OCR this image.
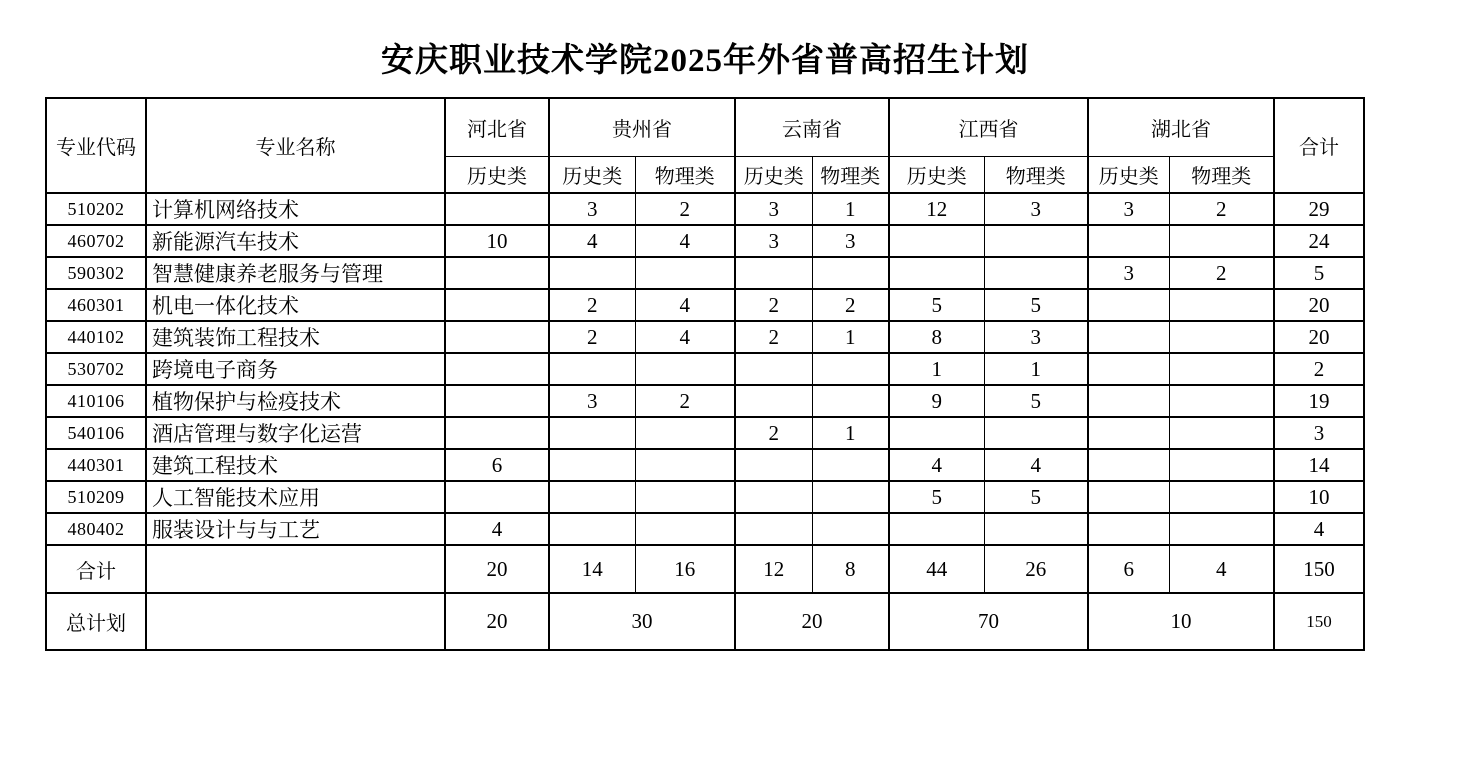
安庆职业技术学院2025年外省普高招生计划
专业代码	专业名称	河北省	贵州省		云南省		江西省		湖北省		合计
		历史类	历史类	物理类	历史类	物理类	历史类	物理类	历史类	物理类	
510202	计算机网络技术		3	2	3	1	12	3	3	2	29
460702	新能源汽车技术	10	4	4	3	3					24
590302	智慧健康养老服务与管理								3	2	5
460301	机电一体化技术		2	4	2	2	5	5			20
440102	建筑装饰工程技术		2	4	2	1	8	3			20
530702	跨境电子商务						1	1			2
410106	植物保护与检疫技术		3	2			9	5			19
540106	酒店管理与数字化运营				2	1					3
440301	建筑工程技术	6					4	4			14
510209	人工智能技术应用						5	5			10
480402	服装设计与与工艺	4									4
合计		20	14	16	12	8	44	26	6	4	150
总计划		20	30		20		70		10		150
